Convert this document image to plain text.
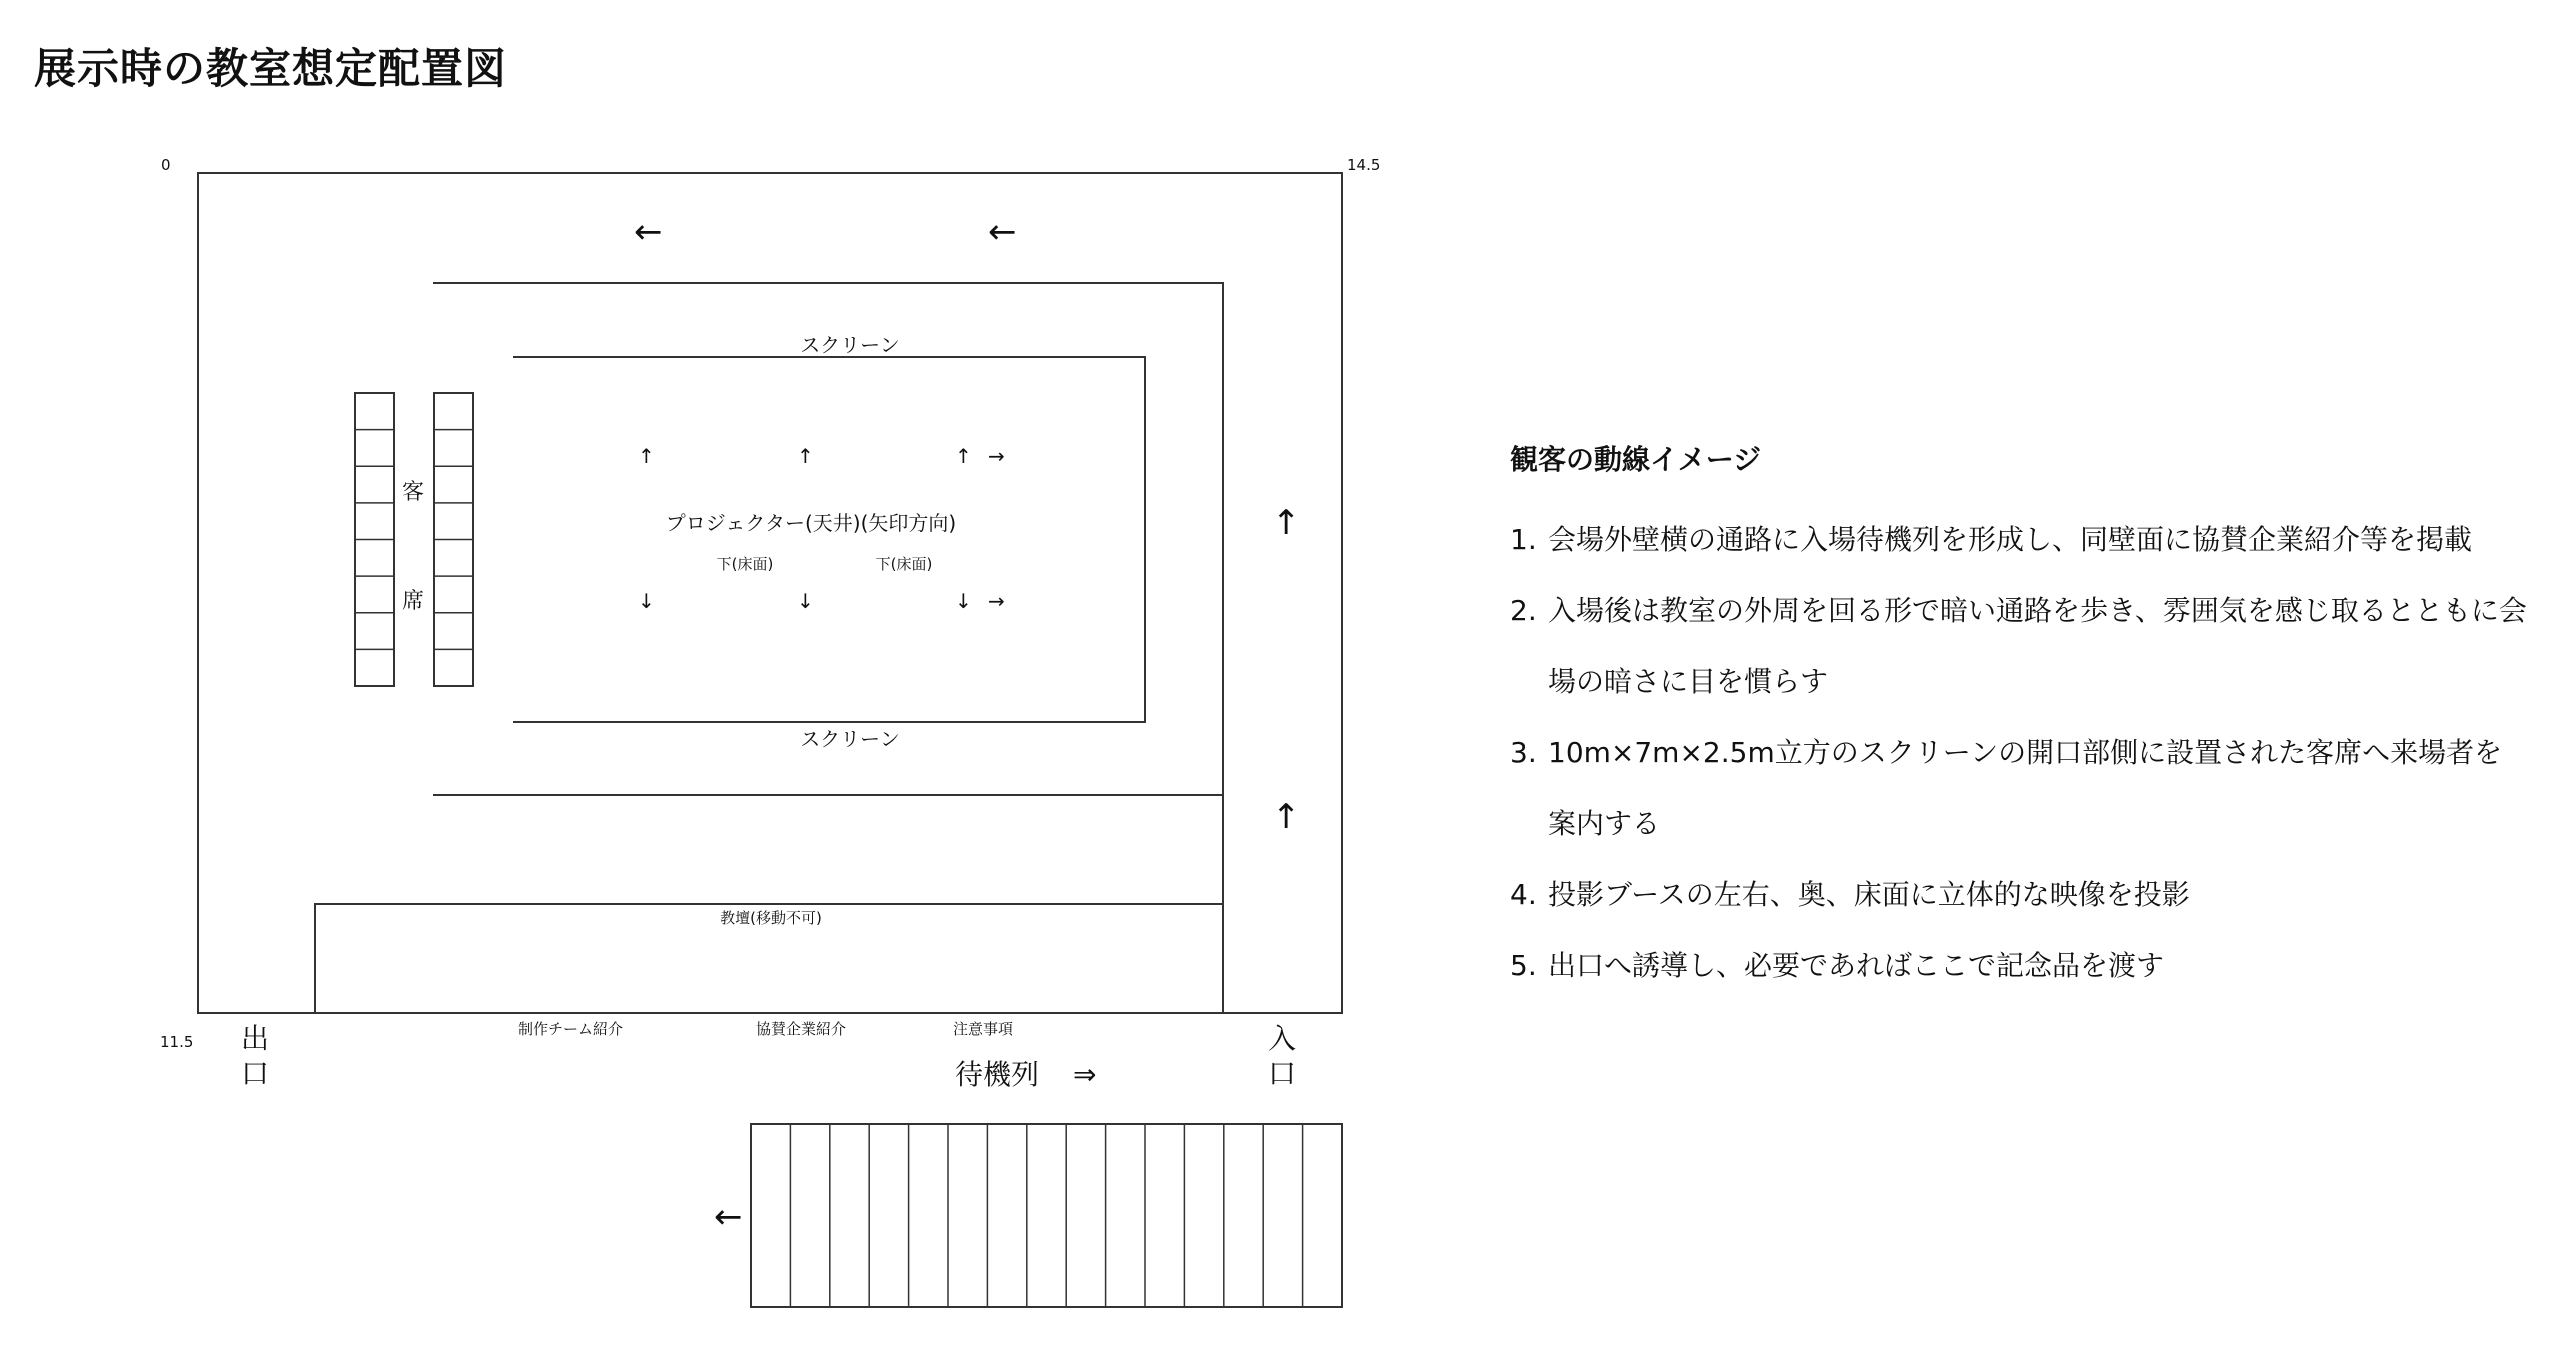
展示時の教室想定配置図
0	14.5
11.5
←	←
↑
↑
スクリーン
スクリーン
↑	↑	↑ →
プロジェクター(天井)(矢印方向)
下(床面)	下(床面)
↓	↓	↓ →
客
席
教壇(移動不可)
出
口
入
口
制作チーム紹介	協賛企業紹介	注意事項
待機列 ⇒
←
観客の動線イメージ
1. 会場外壁横の通路に入場待機列を形成し、同壁面に協賛企業紹介等を掲載
2. 入場後は教室の外周を回る形で暗い通路を歩き、雰囲気を感じ取るとともに会場の暗さに目を慣らす
3. 10m×7m×2.5m立方のスクリーンの開口部側に設置された客席へ来場者を案内する
4. 投影ブースの左右、奥、床面に立体的な映像を投影
5. 出口へ誘導し、必要であればここで記念品を渡す
